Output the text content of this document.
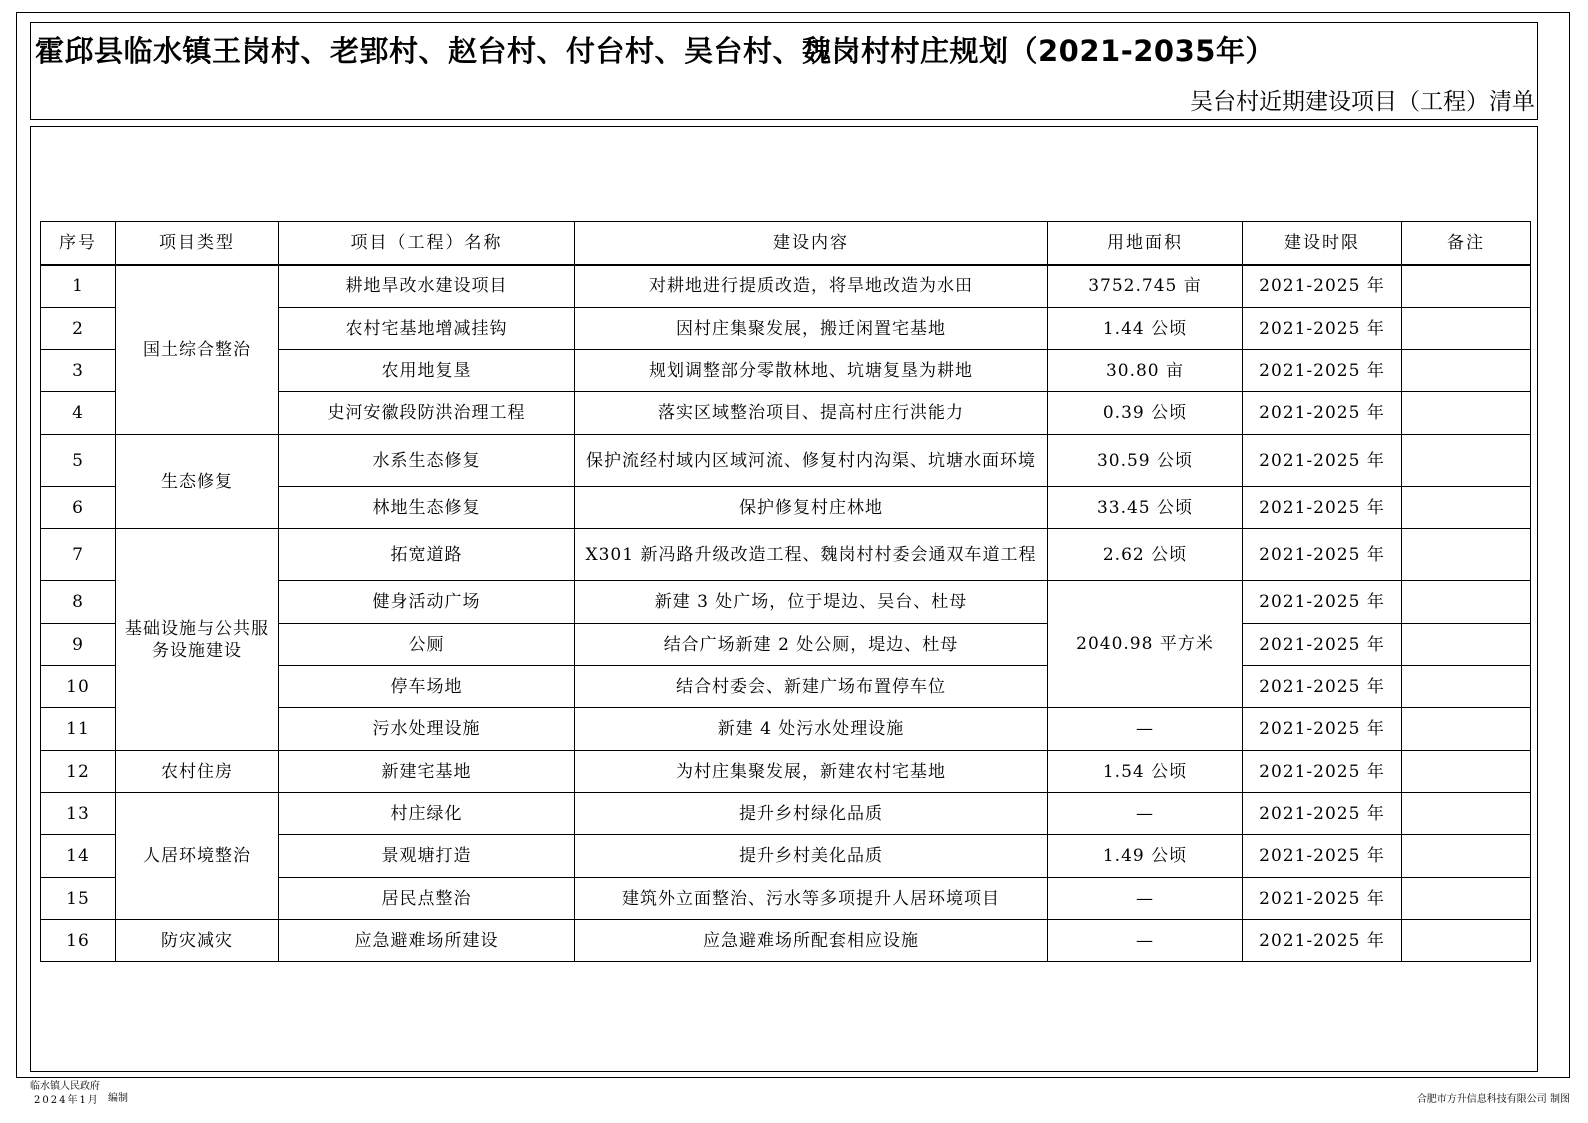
霍邱县临水镇王岗村、老郢村、赵台村、付台村、吴台村、魏岗村村庄规划（2021-2035年）
吴台村近期建设项目（工程）清单
序号	项目类型	项目（工程）名称	建设内容	用地面积	建设时限	备注
1	国土综合整治	耕地旱改水建设项目	对耕地进行提质改造，将旱地改造为水田	3752.745 亩	2021-2025 年	
2		农村宅基地增减挂钩	因村庄集聚发展，搬迁闲置宅基地	1.44 公顷	2021-2025 年	
3		农用地复垦	规划调整部分零散林地、坑塘复垦为耕地	30.80 亩	2021-2025 年	
4		史河安徽段防洪治理工程	落实区域整治项目、提高村庄行洪能力	0.39 公顷	2021-2025 年	
5	生态修复	水系生态修复	保护流经村域内区域河流、修复村内沟渠、坑塘水面环境	30.59 公顷	2021-2025 年	
6		林地生态修复	保护修复村庄林地	33.45 公顷	2021-2025 年	
7	基础设施与公共服务设施建设	拓宽道路	X301 新冯路升级改造工程、魏岗村村委会通双车道工程	2.62 公顷	2021-2025 年	
8		健身活动广场	新建 3 处广场，位于堤边、吴台、杜母	2040.98 平方米	2021-2025 年	
9		公厕	结合广场新建 2 处公厕，堤边、杜母		2021-2025 年	
10		停车场地	结合村委会、新建广场布置停车位		2021-2025 年	
11		污水处理设施	新建 4 处污水处理设施	—	2021-2025 年	
12	农村住房	新建宅基地	为村庄集聚发展，新建农村宅基地	1.54 公顷	2021-2025 年	
13	人居环境整治	村庄绿化	提升乡村绿化品质	—	2021-2025 年	
14		景观塘打造	提升乡村美化品质	1.49 公顷	2021-2025 年	
15		居民点整治	建筑外立面整治、污水等多项提升人居环境项目	—	2021-2025 年	
16	防灾减灾	应急避难场所建设	应急避难场所配套相应设施	—	2021-2025 年	
临水镇人民政府
2024年1月 编制	合肥市方升信息科技有限公司 制图
